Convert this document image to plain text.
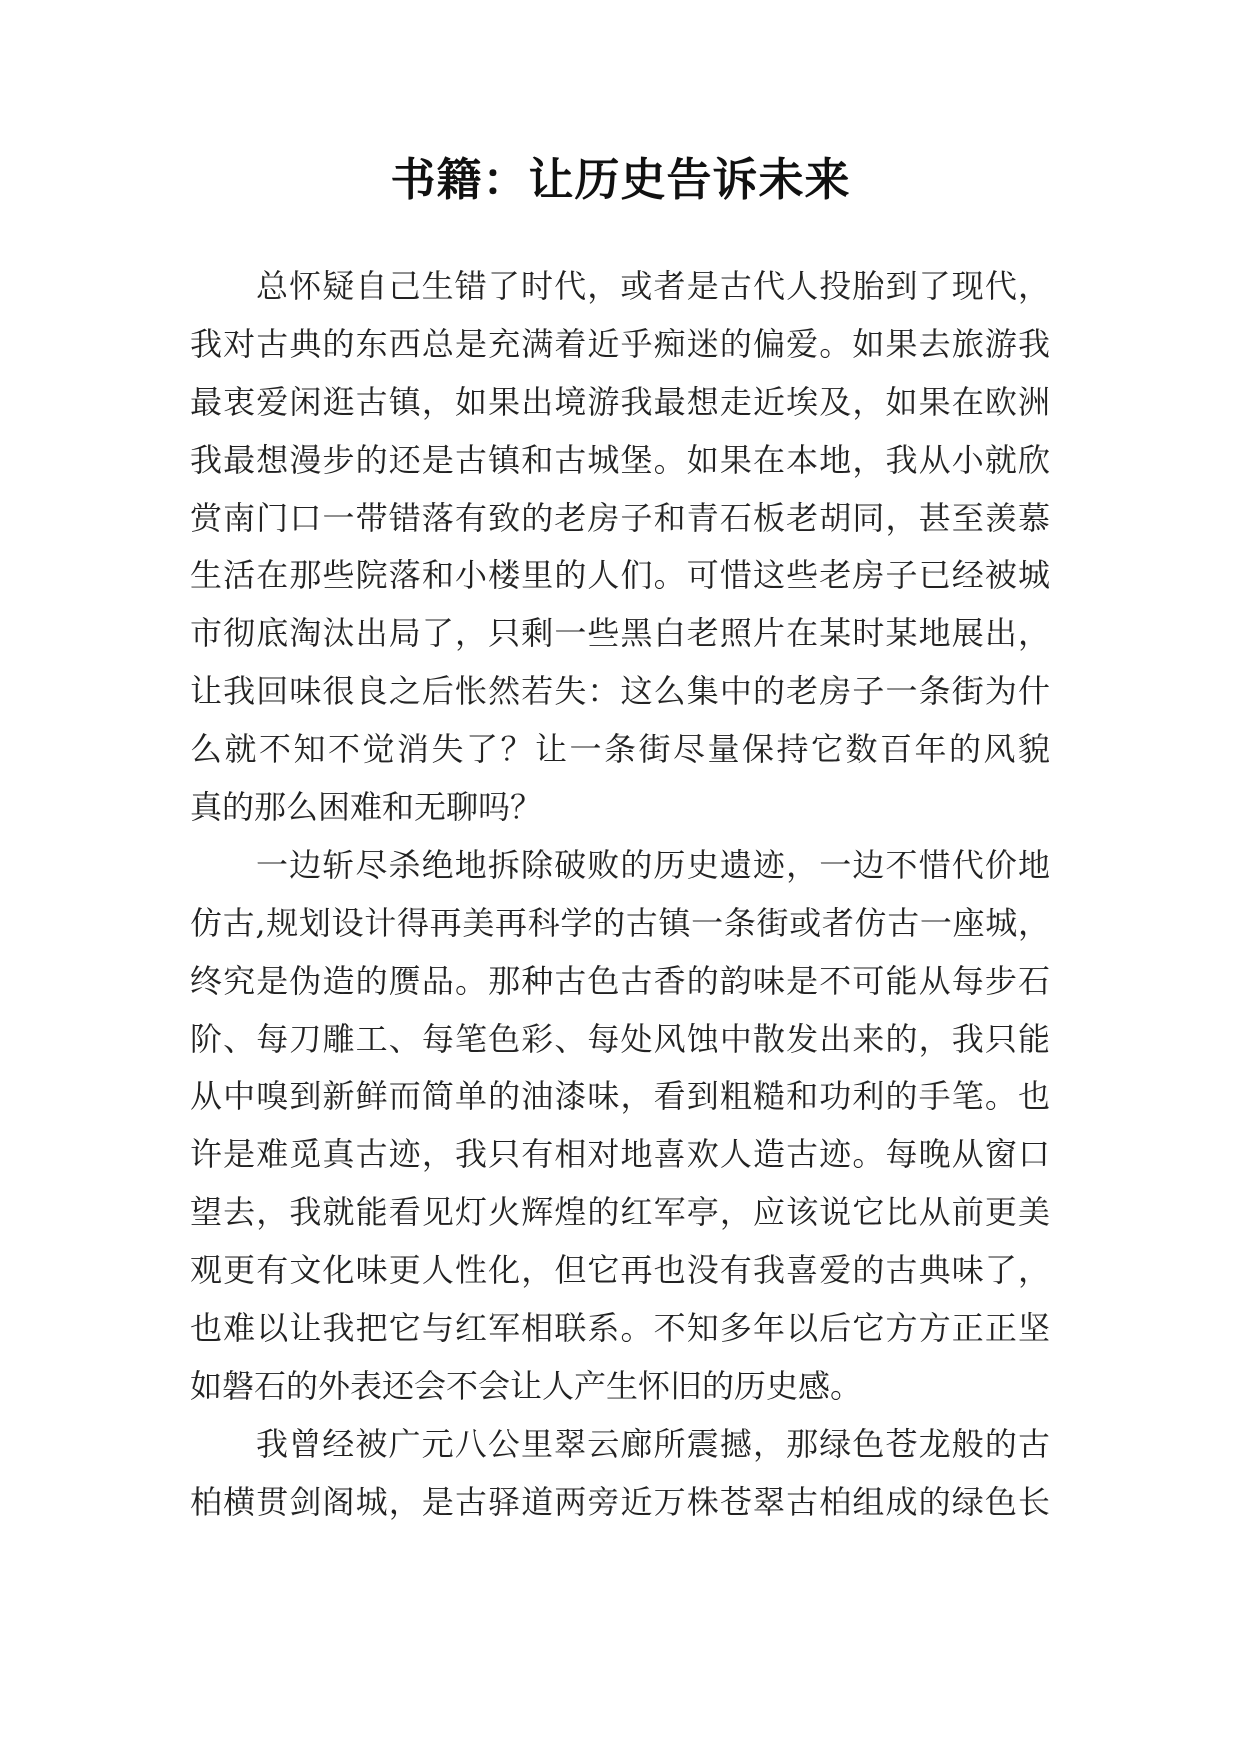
书籍：让历史告诉未来
总怀疑自己生错了时代，或者是古代人投胎到了现代，
我对古典的东西总是充满着近乎痴迷的偏爱。如果去旅游我
最衷爱闲逛古镇，如果出境游我最想走近埃及，如果在欧洲
我最想漫步的还是古镇和古城堡。如果在本地，我从小就欣
赏南门口一带错落有致的老房子和青石板老胡同，甚至羡慕
生活在那些院落和小楼里的人们。可惜这些老房子已经被城
市彻底淘汰出局了，只剩一些黑白老照片在某时某地展出，
让我回味很良之后怅然若失：这么集中的老房子一条街为什
么就不知不觉消失了？让一条街尽量保持它数百年的风貌
真的那么困难和无聊吗？
一边斩尽杀绝地拆除破败的历史遗迹，一边不惜代价地
仿古,规划设计得再美再科学的古镇一条街或者仿古一座城，
终究是伪造的赝品。那种古色古香的韵味是不可能从每步石
阶、每刀雕工、每笔色彩、每处风蚀中散发出来的，我只能
从中嗅到新鲜而简单的油漆味，看到粗糙和功利的手笔。也
许是难觅真古迹，我只有相对地喜欢人造古迹。每晚从窗口
望去，我就能看见灯火辉煌的红军亭，应该说它比从前更美
观更有文化味更人性化，但它再也没有我喜爱的古典味了，
也难以让我把它与红军相联系。不知多年以后它方方正正坚
如磐石的外表还会不会让人产生怀旧的历史感。
我曾经被广元八公里翠云廊所震撼，那绿色苍龙般的古
柏横贯剑阁城，是古驿道两旁近万株苍翠古柏组成的绿色长
